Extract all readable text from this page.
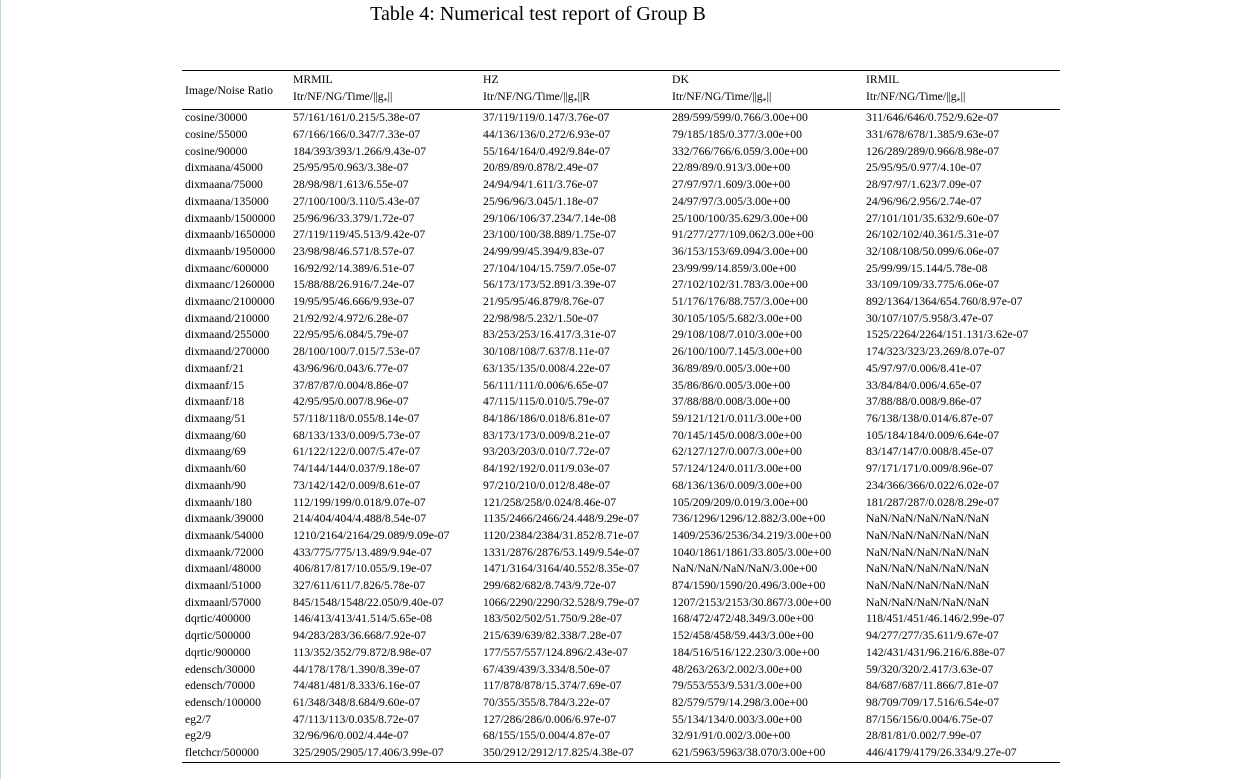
Table 4: Numerical test report of Group B
Image/Noise Ratio	MRMIL	HZ	DK	IRMIL
	Itr/$NF/NG/Time/||g_*||$	Itr/$NF/NG/Time/||g_*||R$	Itr/$NF/NG/Time/||g_*||$	Itr/$NF/NG/Time/||g_*||$
cosine/30000	57/161/161/0.215/5.38e-07	37/119/119/0.147/3.76e-07	289/599/599/0.766/3.00e+00	311/646/646/0.752/9.62e-07
cosine/55000	67/166/166/0.347/7.33e-07	44/136/136/0.272/6.93e-07	79/185/185/0.377/3.00e+00	331/678/678/1.385/9.63e-07
cosine/90000	184/393/393/1.266/9.43e-07	55/164/164/0.492/9.84e-07	332/766/766/6.059/3.00e+00	126/289/289/0.966/8.98e-07
dixmaana/45000	25/95/95/0.963/3.38e-07	20/89/89/0.878/2.49e-07	22/89/89/0.913/3.00e+00	25/95/95/0.977/4.10e-07
dixmaana/75000	28/98/98/1.613/6.55e-07	24/94/94/1.611/3.76e-07	27/97/97/1.609/3.00e+00	28/97/97/1.623/7.09e-07
dixmaana/135000	27/100/100/3.110/5.43e-07	25/96/96/3.045/1.18e-07	24/97/97/3.005/3.00e+00	24/96/96/2.956/2.74e-07
dixmaanb/1500000	25/96/96/33.379/1.72e-07	29/106/106/37.234/7.14e-08	25/100/100/35.629/3.00e+00	27/101/101/35.632/9.60e-07
dixmaanb/1650000	27/119/119/45.513/9.42e-07	23/100/100/38.889/1.75e-07	91/277/277/109.062/3.00e+00	26/102/102/40.361/5.31e-07
dixmaanb/1950000	23/98/98/46.571/8.57e-07	24/99/99/45.394/9.83e-07	36/153/153/69.094/3.00e+00	32/108/108/50.099/6.06e-07
dixmaanc/600000	16/92/92/14.389/6.51e-07	27/104/104/15.759/7.05e-07	23/99/99/14.859/3.00e+00	25/99/99/15.144/5.78e-08
dixmaanc/1260000	15/88/88/26.916/7.24e-07	56/173/173/52.891/3.39e-07	27/102/102/31.783/3.00e+00	33/109/109/33.775/6.06e-07
dixmaanc/2100000	19/95/95/46.666/9.93e-07	21/95/95/46.879/8.76e-07	51/176/176/88.757/3.00e+00	892/1364/1364/654.760/8.97e-07
dixmaand/210000	21/92/92/4.972/6.28e-07	22/98/98/5.232/1.50e-07	30/105/105/5.682/3.00e+00	30/107/107/5.958/3.47e-07
dixmaand/255000	22/95/95/6.084/5.79e-07	83/253/253/16.417/3.31e-07	29/108/108/7.010/3.00e+00	1525/2264/2264/151.131/3.62e-07
dixmaand/270000	28/100/100/7.015/7.53e-07	30/108/108/7.637/8.11e-07	26/100/100/7.145/3.00e+00	174/323/323/23.269/8.07e-07
dixmaanf/21	43/96/96/0.043/6.77e-07	63/135/135/0.008/4.22e-07	36/89/89/0.005/3.00e+00	45/97/97/0.006/8.41e-07
dixmaanf/15	37/87/87/0.004/8.86e-07	56/111/111/0.006/6.65e-07	35/86/86/0.005/3.00e+00	33/84/84/0.006/4.65e-07
dixmaanf/18	42/95/95/0.007/8.96e-07	47/115/115/0.010/5.79e-07	37/88/88/0.008/3.00e+00	37/88/88/0.008/9.86e-07
dixmaang/51	57/118/118/0.055/8.14e-07	84/186/186/0.018/6.81e-07	59/121/121/0.011/3.00e+00	76/138/138/0.014/6.87e-07
dixmaang/60	68/133/133/0.009/5.73e-07	83/173/173/0.009/8.21e-07	70/145/145/0.008/3.00e+00	105/184/184/0.009/6.64e-07
dixmaang/69	61/122/122/0.007/5.47e-07	93/203/203/0.010/7.72e-07	62/127/127/0.007/3.00e+00	83/147/147/0.008/8.45e-07
dixmaanh/60	74/144/144/0.037/9.18e-07	84/192/192/0.011/9.03e-07	57/124/124/0.011/3.00e+00	97/171/171/0.009/8.96e-07
dixmaanh/90	73/142/142/0.009/8.61e-07	97/210/210/0.012/8.48e-07	68/136/136/0.009/3.00e+00	234/366/366/0.022/6.02e-07
dixmaanh/180	112/199/199/0.018/9.07e-07	121/258/258/0.024/8.46e-07	105/209/209/0.019/3.00e+00	181/287/287/0.028/8.29e-07
dixmaank/39000	214/404/404/4.488/8.54e-07	1135/2466/2466/24.448/9.29e-07	736/1296/1296/12.882/3.00e+00	NaN/NaN/NaN/NaN/NaN
dixmaank/54000	1210/2164/2164/29.089/9.09e-07	1120/2384/2384/31.852/8.71e-07	1409/2536/2536/34.219/3.00e+00	NaN/NaN/NaN/NaN/NaN
dixmaank/72000	433/775/775/13.489/9.94e-07	1331/2876/2876/53.149/9.54e-07	1040/1861/1861/33.805/3.00e+00	NaN/NaN/NaN/NaN/NaN
dixmaanl/48000	406/817/817/10.055/9.19e-07	1471/3164/3164/40.552/8.35e-07	NaN/NaN/NaN/NaN/3.00e+00	NaN/NaN/NaN/NaN/NaN
dixmaanl/51000	327/611/611/7.826/5.78e-07	299/682/682/8.743/9.72e-07	874/1590/1590/20.496/3.00e+00	NaN/NaN/NaN/NaN/NaN
dixmaanl/57000	845/1548/1548/22.050/9.40e-07	1066/2290/2290/32.528/9.79e-07	1207/2153/2153/30.867/3.00e+00	NaN/NaN/NaN/NaN/NaN
dqrtic/400000	146/413/413/41.514/5.65e-08	183/502/502/51.750/9.28e-07	168/472/472/48.349/3.00e+00	118/451/451/46.146/2.99e-07
dqrtic/500000	94/283/283/36.668/7.92e-07	215/639/639/82.338/7.28e-07	152/458/458/59.443/3.00e+00	94/277/277/35.611/9.67e-07
dqrtic/900000	113/352/352/79.872/8.98e-07	177/557/557/124.896/2.43e-07	184/516/516/122.230/3.00e+00	142/431/431/96.216/6.88e-07
edensch/30000	44/178/178/1.390/8.39e-07	67/439/439/3.334/8.50e-07	48/263/263/2.002/3.00e+00	59/320/320/2.417/3.63e-07
edensch/70000	74/481/481/8.333/6.16e-07	117/878/878/15.374/7.69e-07	79/553/553/9.531/3.00e+00	84/687/687/11.866/7.81e-07
edensch/100000	61/348/348/8.684/9.60e-07	70/355/355/8.784/3.22e-07	82/579/579/14.298/3.00e+00	98/709/709/17.516/6.54e-07
eg2/7	47/113/113/0.035/8.72e-07	127/286/286/0.006/6.97e-07	55/134/134/0.003/3.00e+00	87/156/156/0.004/6.75e-07
eg2/9	32/96/96/0.002/4.44e-07	68/155/155/0.004/4.87e-07	32/91/91/0.002/3.00e+00	28/81/81/0.002/7.99e-07
fletchcr/500000	325/2905/2905/17.406/3.99e-07	350/2912/2912/17.825/4.38e-07	621/5963/5963/38.070/3.00e+00	446/4179/4179/26.334/9.27e-07
